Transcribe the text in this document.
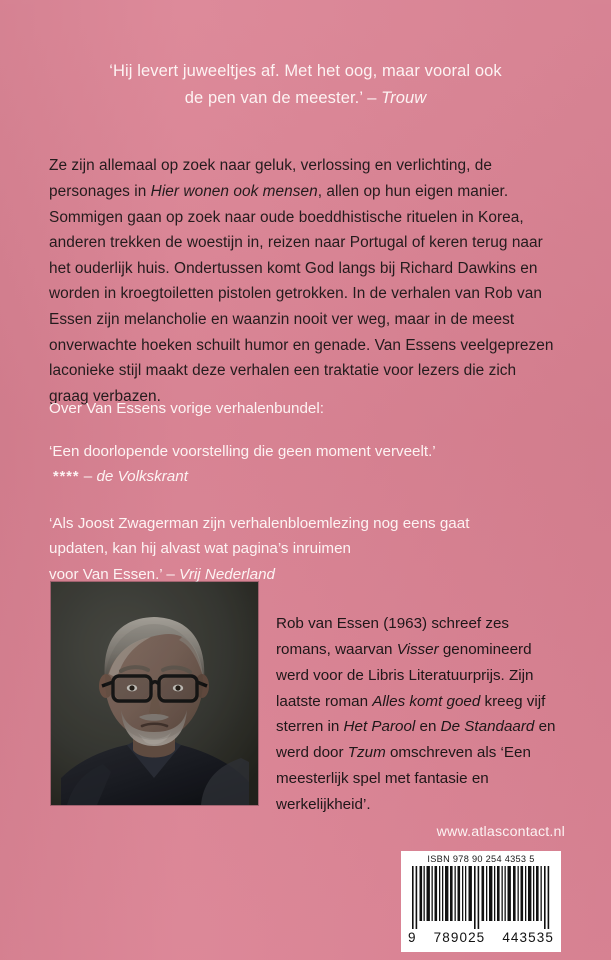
‘Hij levert juweeltjes af. Met het oog, maar vooral ook
de pen van de meester.’ – Trouw

Ze zijn allemaal op zoek naar geluk, verlossing en verlichting, de personages in Hier wonen ook mensen, allen op hun eigen manier. Sommigen gaan op zoek naar oude boeddhistische rituelen in Korea, anderen trekken de woestijn in, reizen naar Portugal of keren terug naar het ouderlijk huis. Ondertussen komt God langs bij Richard Dawkins en worden in kroegtoiletten pistolen getrokken. In de verhalen van Rob van Essen zijn melancholie en waanzin nooit ver weg, maar in de meest onverwachte hoeken schuilt humor en genade. Van Essens veelgeprezen laconieke stijl maakt deze verhalen een traktatie voor lezers die zich graag verbazen.

Over Van Essens vorige verhalenbundel:

‘Een doorlopende voorstelling die geen moment verveelt.’
**** – de Volkskrant

‘Als Joost Zwagerman zijn verhalenbloemlezing nog eens gaat
updaten, kan hij alvast wat pagina’s inruimen
voor Van Essen.’ – Vrij Nederland

Rob van Essen (1963) schreef zes romans, waarvan Visser genomineerd werd voor de Libris Literatuurprijs. Zijn laatste roman Alles komt goed kreeg vijf sterren in Het Parool en De Standaard en werd door Tzum omschreven als ‘Een meesterlijk spel met fantasie en werkelijkheid’.

www.atlascontact.nl
ISBN 978 90 254 4353 5
9 789025 443535
